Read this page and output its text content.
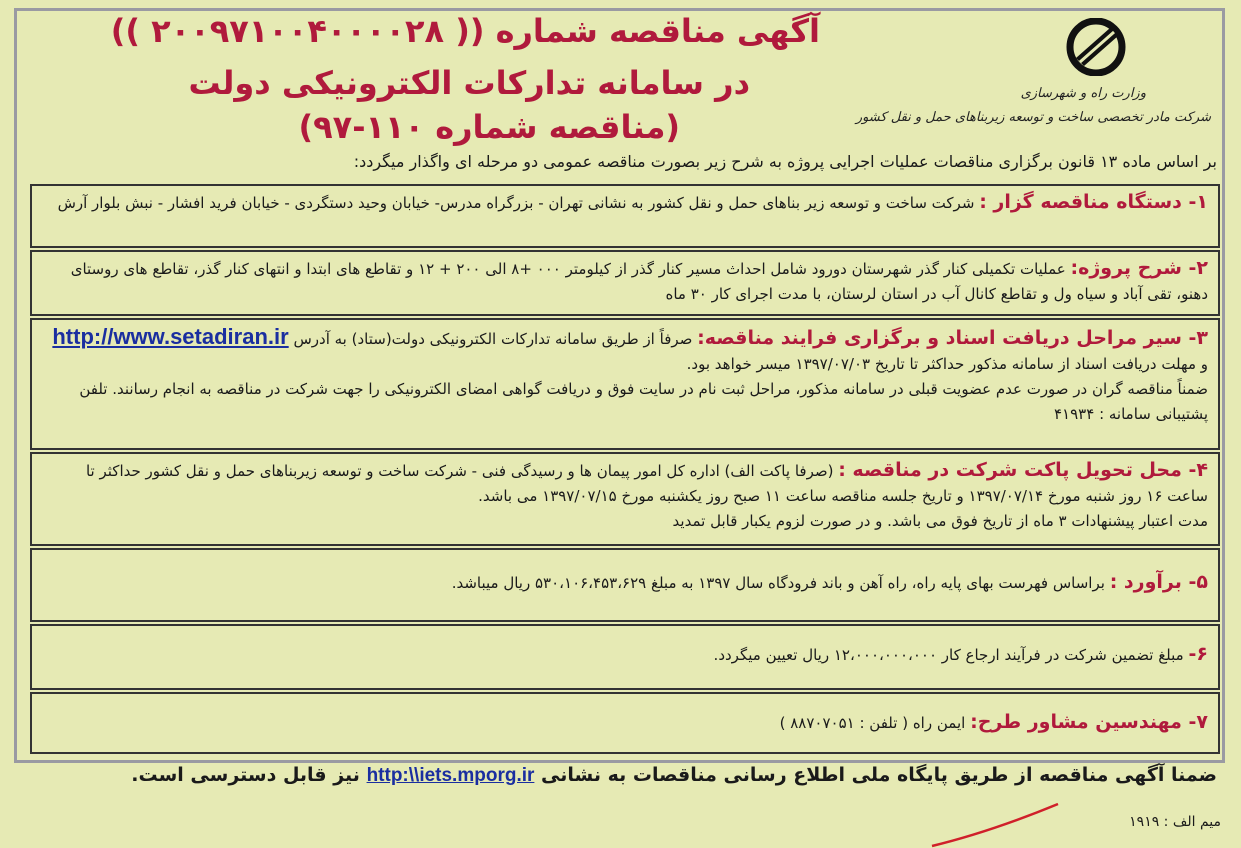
آگهی مناقصه شماره (( ۲۰۰۹۷۱۰۰۴۰۰۰۰۲۸ ))
در سامانه تدارکات الکترونیکی دولت
(مناقصه شماره ۱۱۰-۹۷)
وزارت راه و شهرسازی
شرکت مادر تخصصی ساخت و توسعه زیربناهای حمل و نقل کشور
بر اساس ماده ۱۳ قانون برگزاری مناقصات عملیات اجرایی پروژه به شرح زیر بصورت مناقصه عمومی دو مرحله ای واگذار میگردد:
۱- دستگاه مناقصه گزار : شرکت ساخت و توسعه زیر بناهای حمل و نقل کشور به نشانی تهران - بزرگراه مدرس- خیابان وحید دستگردی - خیابان فرید افشار - نبش بلوار آرش
۲- شرح پروژه: عملیات تکمیلی کنار گذر شهرستان دورود شامل احداث مسیر کنار گذر از کیلومتر ۰۰۰ +۸ الی ۲۰۰ + ۱۲ و تقاطع های ابتدا و انتهای کنار گذر، تقاطع های روستای دهنو، تقی آباد و سیاه ول و تقاطع کانال آب در استان لرستان، با مدت اجرای کار ۳۰ ماه
۳- سیر مراحل دریافت اسناد و برگزاری فرایند مناقصه: صرفاً از طریق سامانه تدارکات الکترونیکی دولت(ستاد) به آدرس http://www.setadiran.ir و مهلت دریافت اسناد از سامانه مذکور حداکثر تا تاریخ ۱۳۹۷/۰۷/۰۳ میسر خواهد بود.
ضمناً مناقصه گران در صورت عدم عضویت قبلی در سامانه مذکور، مراحل ثبت نام در سایت فوق و دریافت گواهی امضای الکترونیکی را جهت شرکت در مناقصه به انجام رسانند. تلفن پشتیبانی سامانه : ۴۱۹۳۴
۴- محل تحویل پاکت شرکت در مناقصه : (صرفا پاکت الف) اداره کل امور پیمان ها و رسیدگی فنی - شرکت ساخت و توسعه زیربناهای حمل و نقل کشور حداکثر تا ساعت ۱۶ روز شنبه مورخ ۱۳۹۷/۰۷/۱۴ و تاریخ جلسه مناقصه ساعت ۱۱ صبح روز یکشنبه مورخ ۱۳۹۷/۰۷/۱۵ می باشد.
مدت اعتبار پیشنهادات ۳ ماه از تاریخ فوق می باشد. و در صورت لزوم یکبار قابل تمدید
۵- برآورد : براساس فهرست بهای پایه راه، راه آهن و باند فرودگاه سال ۱۳۹۷ به مبلغ ۵۳۰،۱۰۶،۴۵۳،۶۲۹ ریال میباشد.
۶- مبلغ تضمین شرکت در فرآیند ارجاع کار ۱۲،۰۰۰،۰۰۰،۰۰۰ ریال تعیین میگردد.
۷- مهندسین مشاور طرح: ایمن راه ( تلفن : ۸۸۷۰۷۰۵۱ )
ضمنا آگهی مناقصه از طریق پایگاه ملی اطلاع رسانی مناقصات به نشانی http:\\iets.mporg.ir نیز قابل دسترسی است.
میم الف : ۱۹۱۹
